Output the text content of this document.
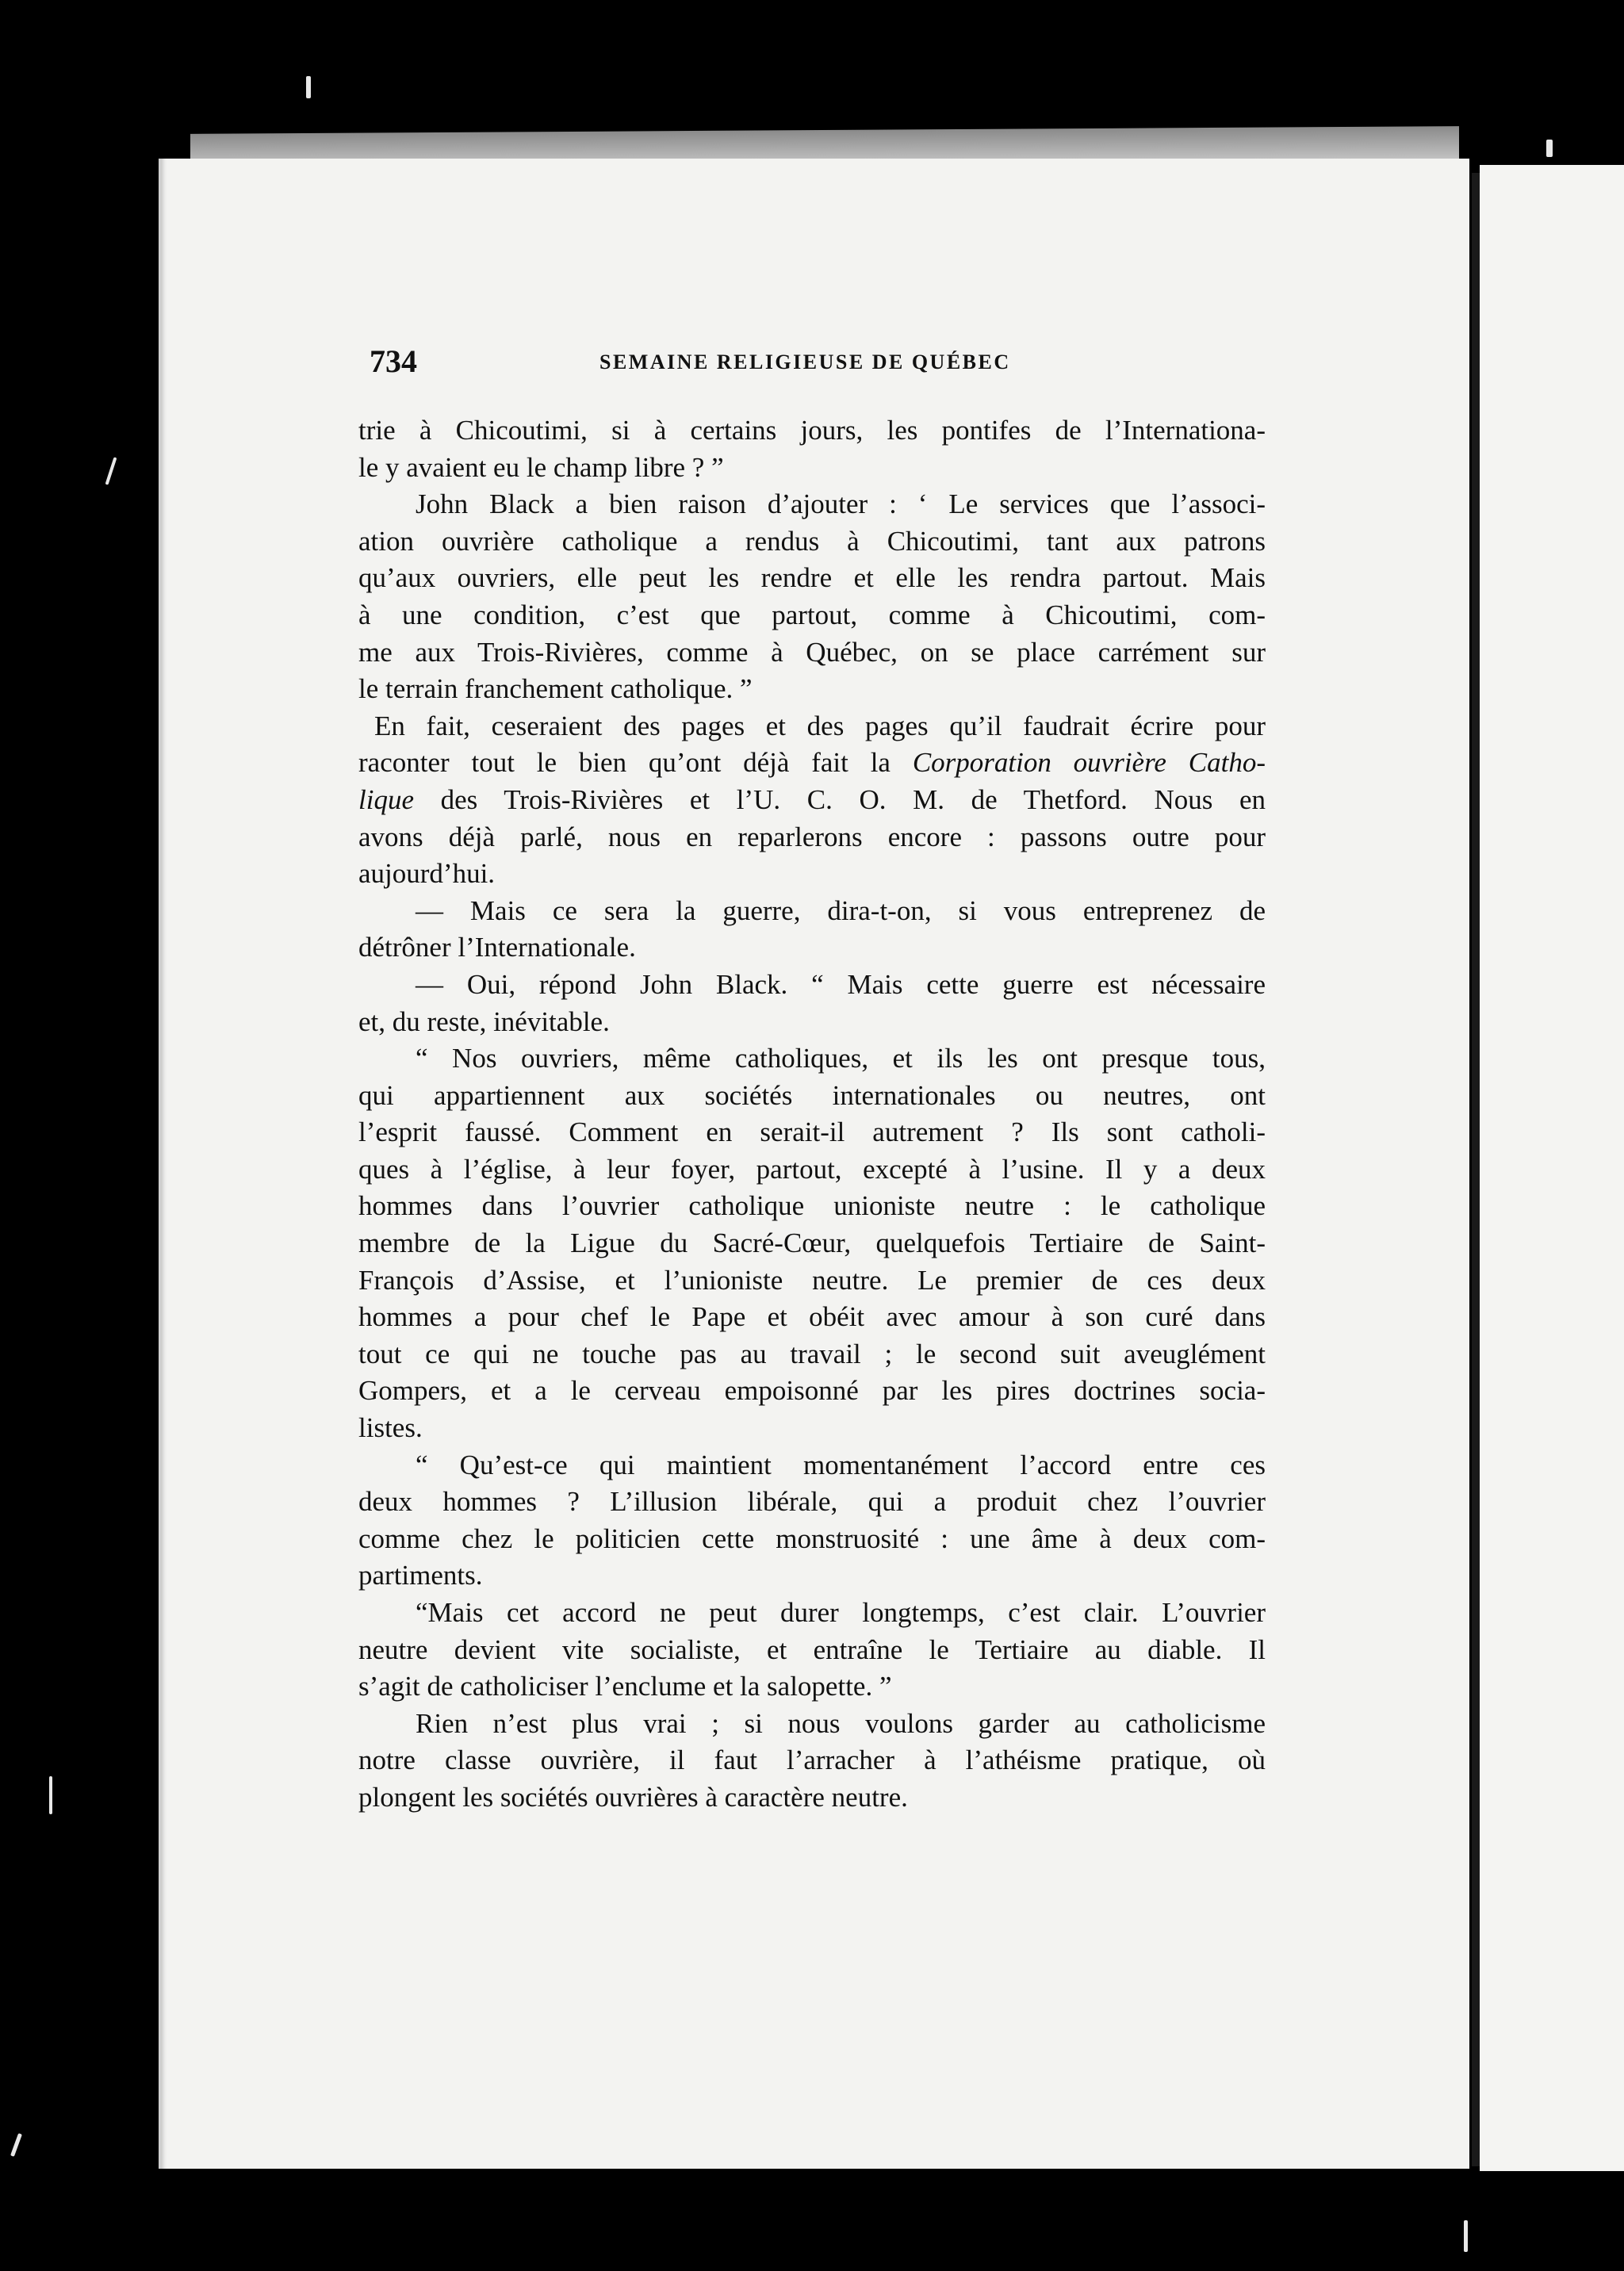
734	SEMAINE RELIGIEUSE DE QUÉBEC
trie à Chicoutimi, si à certains jours, les pontifes de l’Internationa-
le y avaient eu le champ libre ? ”
John Black a bien raison d’ajouter : ‘ Le services que l’associ-
ation ouvrière catholique a rendus à Chicoutimi, tant aux patrons
qu’aux ouvriers, elle peut les rendre et elle les rendra partout. Mais
à une condition, c’est que partout, comme à Chicoutimi, com-
me aux Trois-Rivières, comme à Québec, on se place carrément sur
le terrain franchement catholique. ”
En fait, ceseraient des pages et des pages qu’il faudrait écrire pour
raconter tout le bien qu’ont déjà fait la Corporation ouvrière Catho-
lique des Trois-Rivières et l’U. C. O. M. de Thetford. Nous en
avons déjà parlé, nous en reparlerons encore : passons outre pour
aujourd’hui.
— Mais ce sera la guerre, dira-t-on, si vous entreprenez de
détrôner l’Internationale.
— Oui, répond John Black. “ Mais cette guerre est nécessaire
et, du reste, inévitable.
“ Nos ouvriers, même catholiques, et ils les ont presque tous,
qui appartiennent aux sociétés internationales ou neutres, ont
l’esprit faussé. Comment en serait-il autrement ? Ils sont catholi-
ques à l’église, à leur foyer, partout, excepté à l’usine. Il y a deux
hommes dans l’ouvrier catholique unioniste neutre : le catholique
membre de la Ligue du Sacré-Cœur, quelquefois Tertiaire de Saint-
François d’Assise, et l’unioniste neutre. Le premier de ces deux
hommes a pour chef le Pape et obéit avec amour à son curé dans
tout ce qui ne touche pas au travail ; le second suit aveuglément
Gompers, et a le cerveau empoisonné par les pires doctrines socia-
listes.
“ Qu’est-ce qui maintient momentanément l’accord entre ces
deux hommes ? L’illusion libérale, qui a produit chez l’ouvrier
comme chez le politicien cette monstruosité : une âme à deux com-
partiments.
“Mais cet accord ne peut durer longtemps, c’est clair. L’ouvrier
neutre devient vite socialiste, et entraîne le Tertiaire au diable. Il
s’agit de catholiciser l’enclume et la salopette. ”
Rien n’est plus vrai ; si nous voulons garder au catholicisme
notre classe ouvrière, il faut l’arracher à l’athéisme pratique, où
plongent les sociétés ouvrières à caractère neutre.
